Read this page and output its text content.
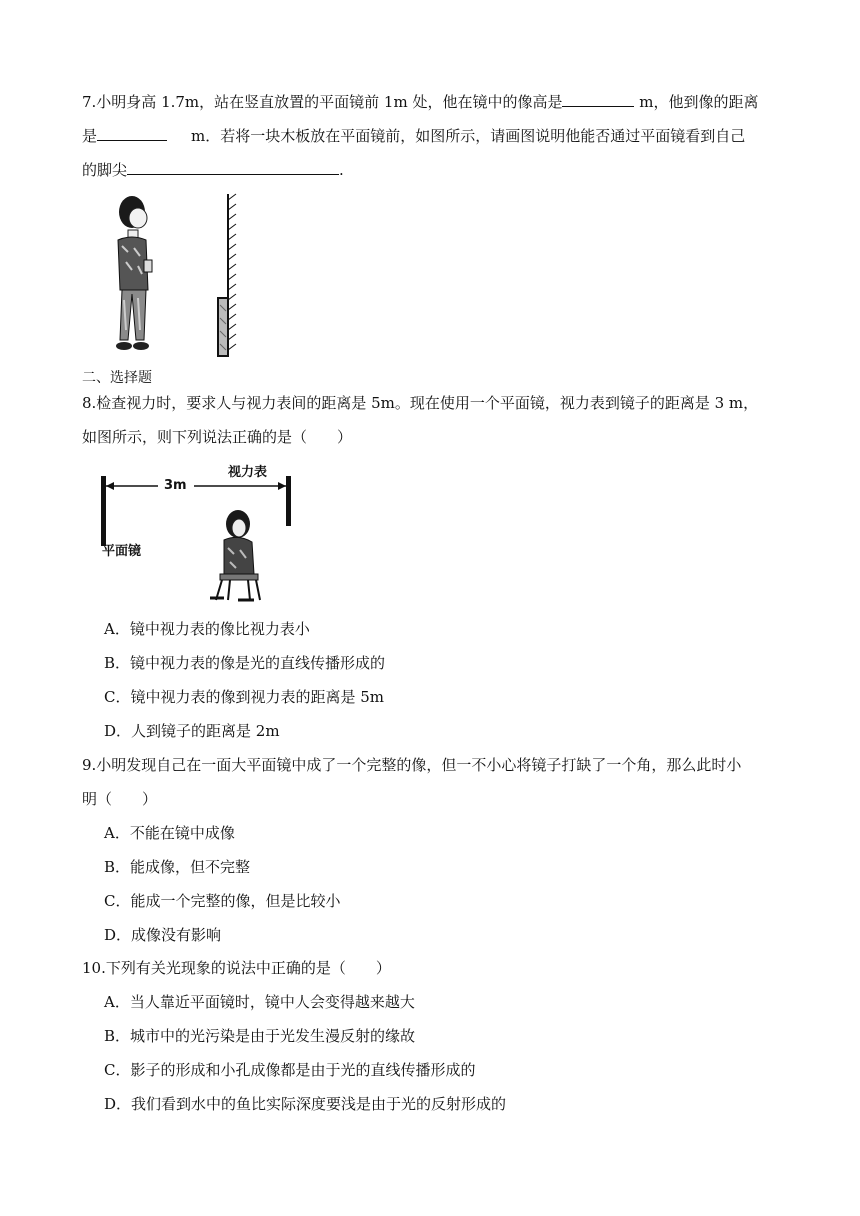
7.小明身高 1.7m，站在竖直放置的平面镜前 1m 处，他在镜中的像高是	m，他到像的距离
是	m．若将一块木板放在平面镜前，如图所示，请画图说明他能否通过平面镜看到自己
的脚尖	.
二、选择题
8.检查视力时，要求人与视力表间的距离是 5m。现在使用一个平面镜，视力表到镜子的距离是 3 m，
如图所示，则下列说法正确的是（　　）
3m
视力表
平面镜
A．镜中视力表的像比视力表小
B．镜中视力表的像是光的直线传播形成的
C．镜中视力表的像到视力表的距离是 5m
D．人到镜子的距离是 2m
9.小明发现自己在一面大平面镜中成了一个完整的像，但一不小心将镜子打缺了一个角，那么此时小
明（　　）
A．不能在镜中成像
B．能成像，但不完整
C．能成一个完整的像，但是比较小
D．成像没有影响
10.下列有关光现象的说法中正确的是（　　）
A．当人靠近平面镜时，镜中人会变得越来越大
B．城市中的光污染是由于光发生漫反射的缘故
C．影子的形成和小孔成像都是由于光的直线传播形成的
D．我们看到水中的鱼比实际深度要浅是由于光的反射形成的
